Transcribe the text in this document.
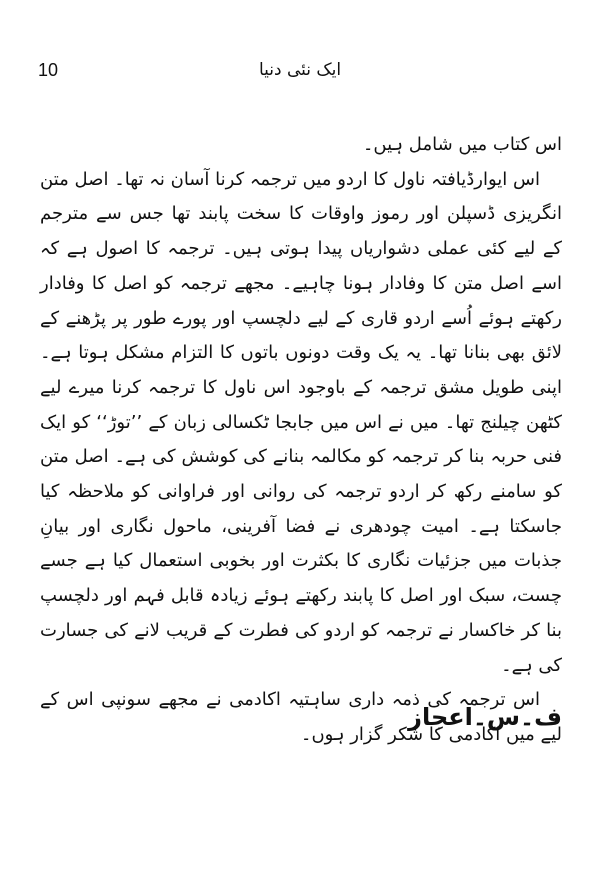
10	ایک نئی دنیا

اس کتاب میں شامل ہیں۔

اس ایوارڈیافتہ ناول کا اردو میں ترجمہ کرنا آسان نہ تھا۔ اصل متن انگریزی ڈسپلن اور رموز واوقات کا سخت پابند تھا جس سے مترجم کے لیے کئی عملی دشواریاں پیدا ہوتی ہیں۔ ترجمہ کا اصول ہے کہ اسے اصل متن کا وفادار ہونا چاہیے۔ مجھے ترجمہ کو اصل کا وفادار رکھتے ہوئے اُسے اردو قاری کے لیے دلچسپ اور پورے طور پر پڑھنے کے لائق بھی بنانا تھا۔ یہ یک وقت دونوں باتوں کا التزام مشکل ہوتا ہے۔ اپنی طویل مشق ترجمہ کے باوجود اس ناول کا ترجمہ کرنا میرے لیے کٹھن چیلنج تھا۔ میں نے اس میں جابجا ٹکسالی زبان کے ’’توڑ‘‘ کو ایک فنی حربہ بنا کر ترجمہ کو مکالمہ بنانے کی کوشش کی ہے۔ اصل متن کو سامنے رکھ کر اردو ترجمہ کی روانی اور فراوانی کو ملاحظہ کیا جاسکتا ہے۔ امیت چودھری نے فضا آفرینی، ماحول نگاری اور بیانِ جذبات میں جزئیات نگاری کا بکثرت اور بخوبی استعمال کیا ہے جسے چست، سبک اور اصل کا پابند رکھتے ہوئے زیادہ قابل فہم اور دلچسپ بنا کر خاکسار نے ترجمہ کو اردو کی فطرت کے قریب لانے کی جسارت کی ہے۔

اس ترجمہ کی ذمہ داری ساہتیہ اکادمی نے مجھے سونپی اس کے لیے میں اکادمی کا شکر گزار ہوں۔

ف۔س۔اعجاز
